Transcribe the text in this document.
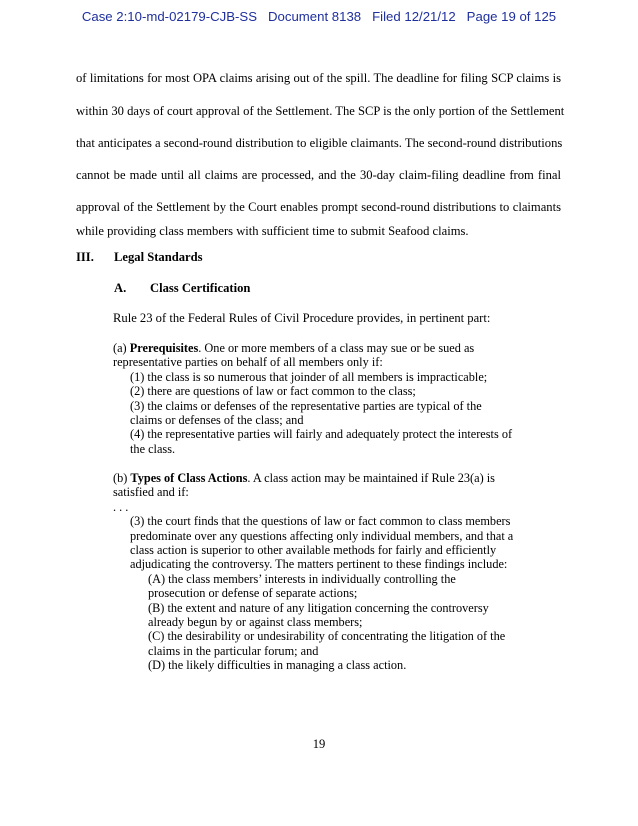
Case 2:10-md-02179-CJB-SS   Document 8138   Filed 12/21/12   Page 19 of 125
of limitations for most OPA claims arising out of the spill. The deadline for filing SCP claims is
within 30 days of court approval of the Settlement. The SCP is the only portion of the Settlement
that anticipates a second-round distribution to eligible claimants. The second-round distributions
cannot be made until all claims are processed, and the 30-day claim-filing deadline from final
approval of the Settlement by the Court enables prompt second-round distributions to claimants
while providing class members with sufficient time to submit Seafood claims.
III. Legal Standards
A. Class Certification
Rule 23 of the Federal Rules of Civil Procedure provides, in pertinent part:
(a) Prerequisites. One or more members of a class may sue or be sued as
representative parties on behalf of all members only if:
(1) the class is so numerous that joinder of all members is impracticable;
(2) there are questions of law or fact common to the class;
(3) the claims or defenses of the representative parties are typical of the
claims or defenses of the class; and
(4) the representative parties will fairly and adequately protect the interests of
the class.
(b) Types of Class Actions. A class action may be maintained if Rule 23(a) is
satisfied and if:
. . .
(3) the court finds that the questions of law or fact common to class members
predominate over any questions affecting only individual members, and that a
class action is superior to other available methods for fairly and efficiently
adjudicating the controversy. The matters pertinent to these findings include:
(A) the class members’ interests in individually controlling the
prosecution or defense of separate actions;
(B) the extent and nature of any litigation concerning the controversy
already begun by or against class members;
(C) the desirability or undesirability of concentrating the litigation of the
claims in the particular forum; and
(D) the likely difficulties in managing a class action.
19
